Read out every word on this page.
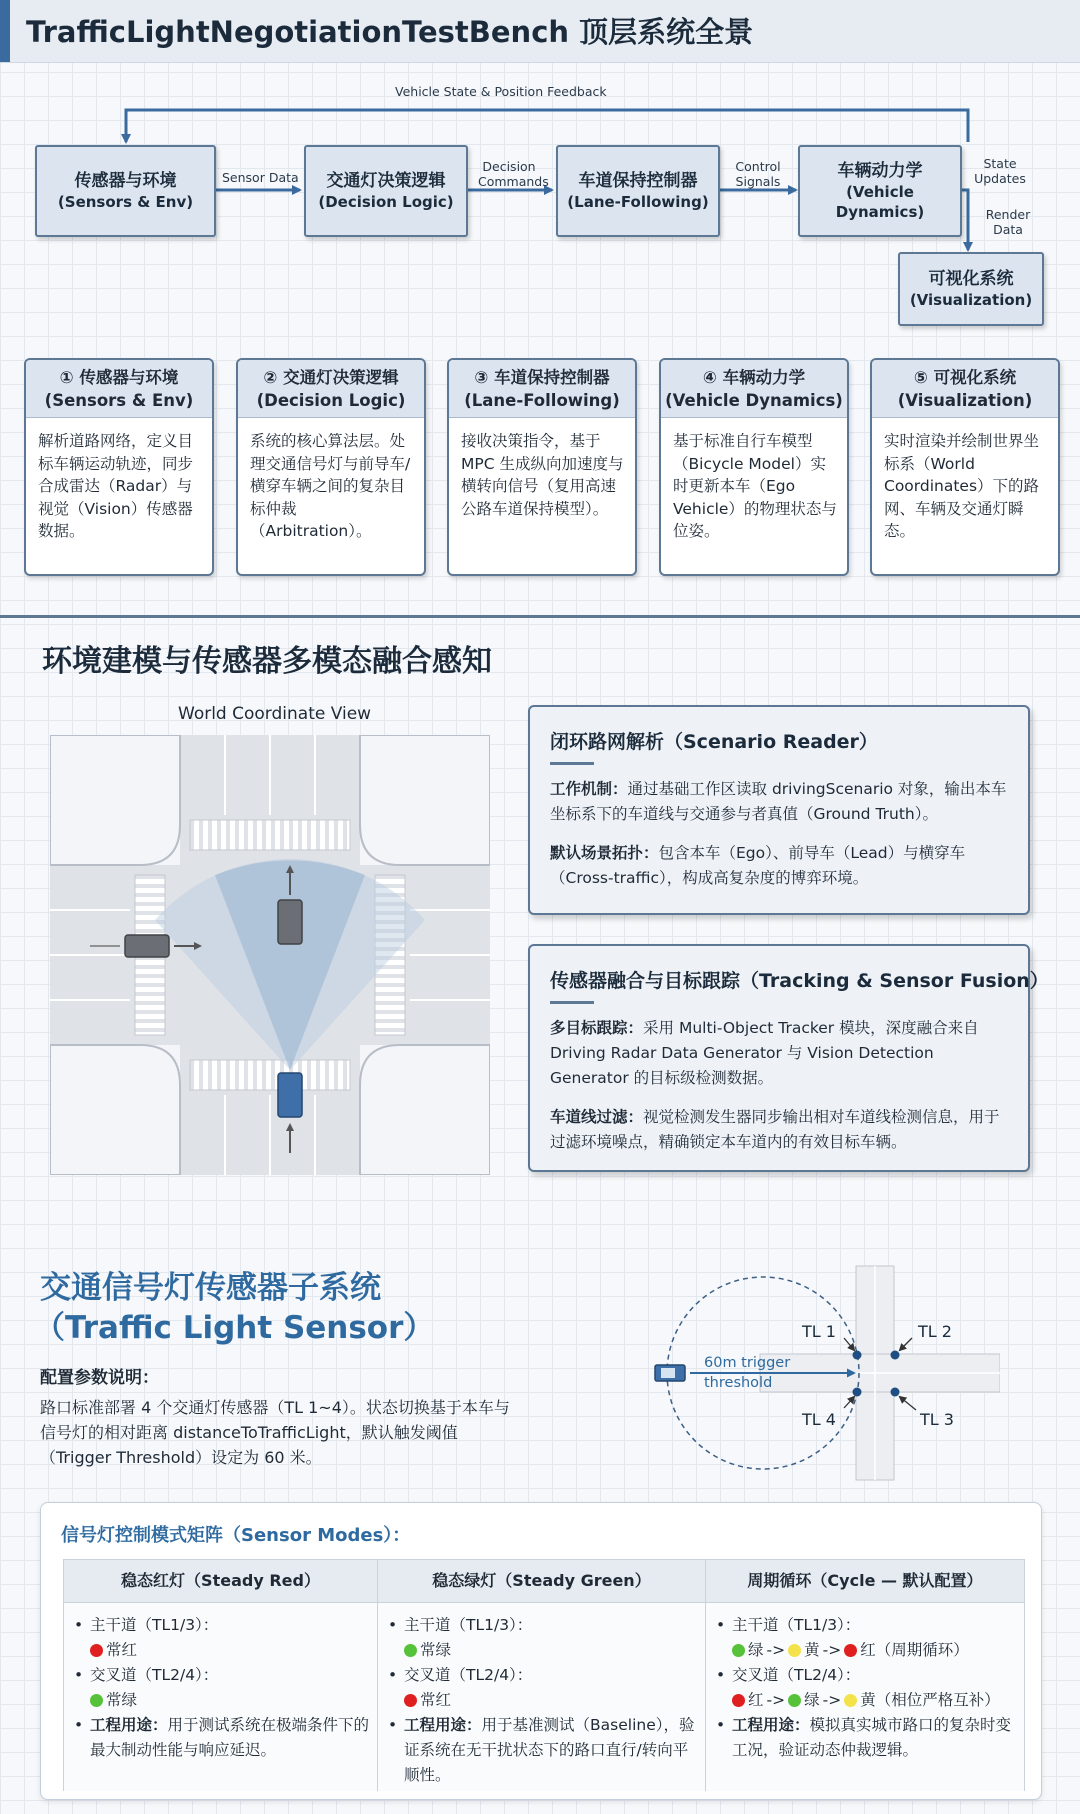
TrafficLightNegotiationTestBench 顶层系统全景
Vehicle State & Position Feedback
Sensor Data
Decision
Commands
Control
Signals
State
Updates
Render
Data
传感器与环境
(Sensors & Env)
交通灯决策逻辑
(Decision Logic)
车道保持控制器
(Lane-Following)
车辆动力学
(Vehicle Dynamics)
可视化系统
(Visualization)
① 传感器与环境
(Sensors & Env)
解析道路网络，定义目标车辆运动轨迹，同步合成雷达（Radar）与视觉（Vision）传感器数据。
② 交通灯决策逻辑
(Decision Logic)
系统的核心算法层。处理交通信号灯与前导车/横穿车辆之间的复杂目标仲裁（Arbitration）。
③ 车道保持控制器
(Lane-Following)
接收决策指令，基于MPC 生成纵向加速度与横转向信号（复用高速公路车道保持模型）。
④ 车辆动力学
(Vehicle Dynamics)
基于标准自行车模型（Bicycle Model）实时更新本车（Ego Vehicle）的物理状态与位姿。
⑤ 可视化系统
(Visualization)
实时渲染并绘制世界坐标系（World Coordinates）下的路网、车辆及交通灯瞬态。
环境建模与传感器多模态融合感知
World Coordinate View
闭环路网解析（Scenario Reader）

工作机制：通过基础工作区读取 drivingScenario 对象，输出本车坐标系下的车道线与交通参与者真值（Ground Truth）。

默认场景拓扑：包含本车（Ego）、前导车（Lead）与横穿车（Cross-traffic），构成高复杂度的博弈环境。

传感器融合与目标跟踪（Tracking & Sensor Fusion）

多目标跟踪：采用 Multi-Object Tracker 模块，深度融合来自 Driving Radar Data Generator 与 Vision Detection Generator 的目标级检测数据。

车道线过滤：视觉检测发生器同步输出相对车道线检测信息，用于过滤环境噪点，精确锁定本车道内的有效目标车辆。

交通信号灯传感器子系统
（Traffic Light Sensor）
配置参数说明：
路口标准部署 4 个交通灯传感器（TL 1~4）。状态切换基于本车与信号灯的相对距离 distanceToTrafficLight，默认触发阈值（Trigger Threshold）设定为 60 米。
60m trigger
threshold
TL 1	TL 2
TL 3
TL 4
信号灯控制模式矩阵（Sensor Modes）：
稳态红灯（Steady Red）
• 主干道（TL1/3）：
常红
• 交叉道（TL2/4）：
常绿
• 工程用途：用于测试系统在极端条件下的最大制动性能与响应延迟。
稳态绿灯（Steady Green）
• 主干道（TL1/3）：
常绿
• 交叉道（TL2/4）：
常红
• 工程用途：用于基准测试（Baseline），验证系统在无干扰状态下的路口直行/转向平顺性。
周期循环（Cycle — 默认配置）
• 主干道（TL1/3）：
绿 -> 黄 -> 红 （周期循环）
• 交叉道（TL2/4）：
红 -> 绿 -> 黄 （相位严格互补）
• 工程用途：模拟真实城市路口的复杂时变工况，验证动态仲裁逻辑。
